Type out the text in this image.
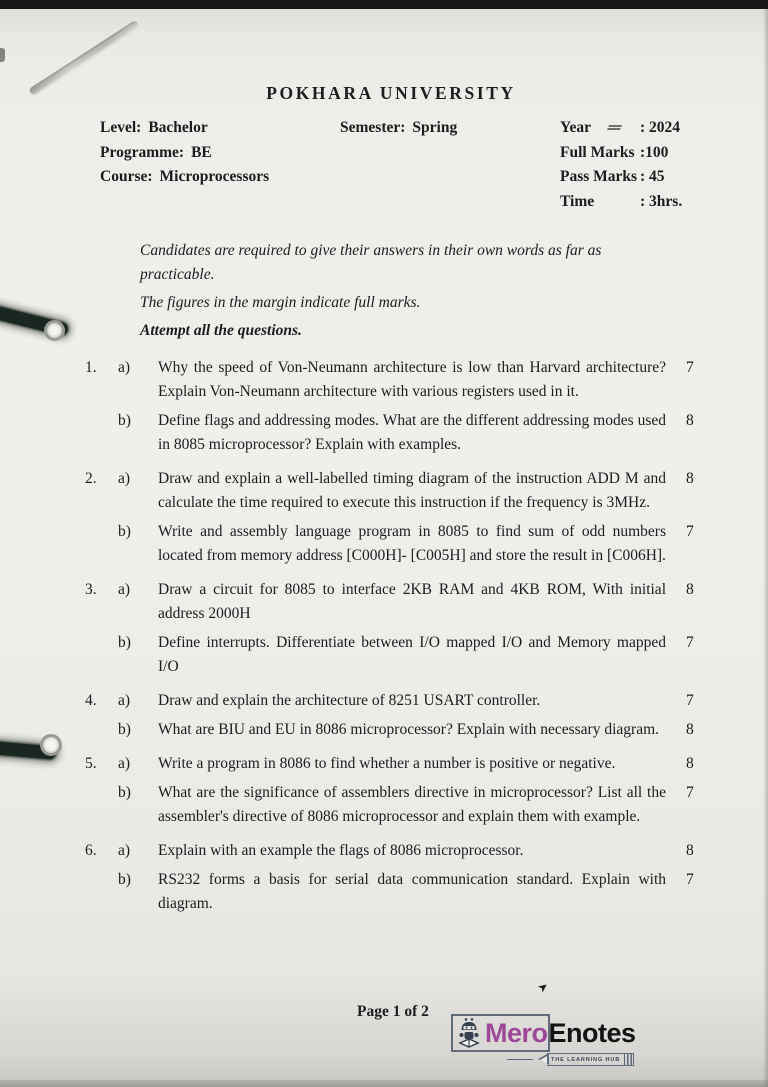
➤
POKHARA UNIVERSITY
Level: Bachelor
Programme: BE
Course: Microprocessors
Semester: Spring	Year	: 2024
Full Marks :100
Pass Marks : 45
Time	: 3hrs.
Candidates are required to give their answers in their own words as far as practicable.
The figures in the margin indicate full marks.
Attempt all the questions.
1.	a)	Why the speed of Von-Neumann architecture is low than Harvard architecture? Explain Von-Neumann architecture with various registers used in it.
7
b)	Define flags and addressing modes. What are the different addressing modes used in 8085 microprocessor? Explain with examples.
8
2.	a)	Draw and explain a well-labelled timing diagram of the instruction ADD M and calculate the time required to execute this instruction if the frequency is 3MHz.
8
b)	Write and assembly language program in 8085 to find sum of odd numbers located from memory address [C000H]- [C005H] and store the result in [C006H].
7
3.	a)	Draw a circuit for 8085 to interface 2KB RAM and 4KB ROM, With initial address 2000H
8
b)	Define interrupts. Differentiate between I/O mapped I/O and Memory mapped I/O
7
4.	a)	Draw and explain the architecture of 8251 USART controller.	7
b)	What are BIU and EU in 8086 microprocessor? Explain with necessary diagram.	8
5.	a)	Write a program in 8086 to find whether a number is positive or negative.	8
b)	What are the significance of assemblers directive in microprocessor? List all the assembler's directive of 8086 microprocessor and explain them with example.
7
6.	a)	Explain with an example the flags of 8086 microprocessor.	8
b)	RS232 forms a basis for serial data communication standard. Explain with diagram.
7
Page 1 of 2
Mero Enotes
THE LEARNING HUB
